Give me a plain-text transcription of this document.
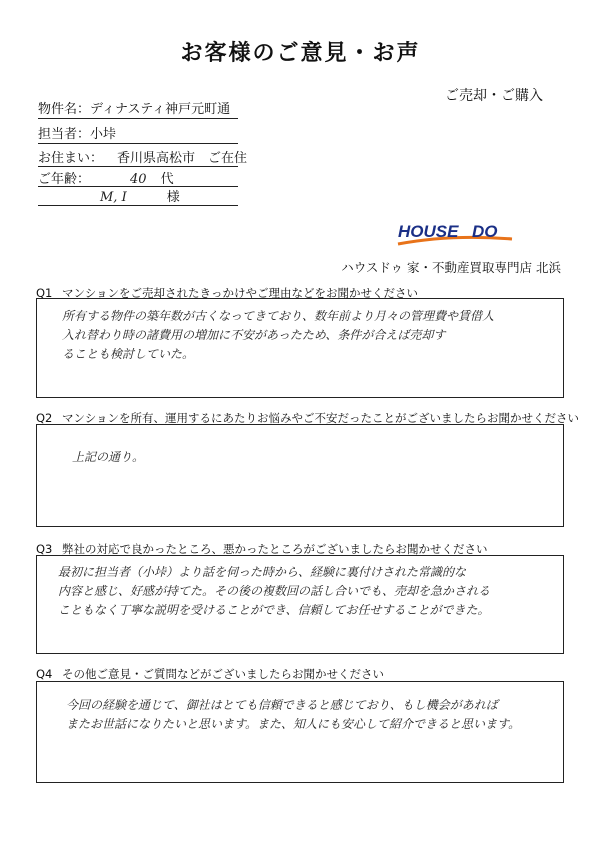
お客様のご意見・お声
ご売却・ご購入
物件名：ディナスティ神戸元町通
担当者：小垰
お住まい： 香川県高松市　ご在住
ご年齢：	40 代
M, I	様
HOUSE DO
ハウスドゥ 家・不動産買取専門店 北浜
Q1 マンションをご売却されたきっかけやご理由などをお聞かせください
所有する物件の築年数が古くなってきており、数年前より月々の管理費や賃借人
入れ替わり時の諸費用の増加に不安があったため、条件が合えば売却す
ることも検討していた。
Q2 マンションを所有、運用するにあたりお悩みやご不安だったことがございましたらお聞かせください
上記の通り。
Q3 弊社の対応で良かったところ、悪かったところがございましたらお聞かせください
最初に担当者（小垰）より話を伺った時から、経験に裏付けされた常識的な
内容と感じ、好感が持てた。その後の複数回の話し合いでも、売却を急かされる
こともなく丁寧な説明を受けることができ、信頼してお任せすることができた。
Q4 その他ご意見・ご質問などがございましたらお聞かせください
今回の経験を通じて、御社はとても信頼できると感じており、もし機会があれば
またお世話になりたいと思います。また、知人にも安心して紹介できると思います。
